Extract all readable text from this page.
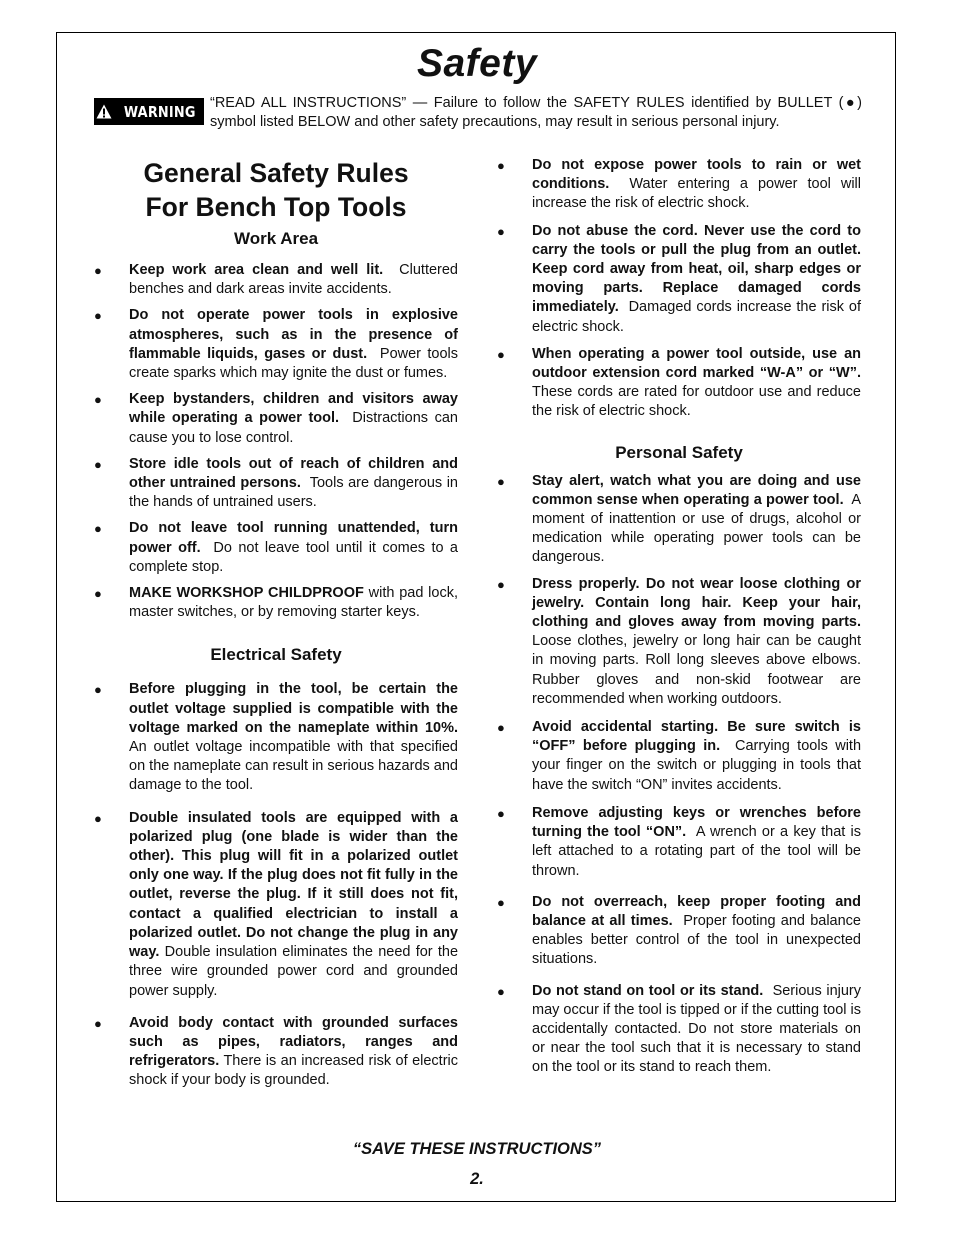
Safety
WARNING “READ ALL INSTRUCTIONS” — Failure to follow the SAFETY RULES identified by BULLET (●) symbol listed BELOW and other safety precautions, may result in serious personal injury.

General Safety Rules
For Bench Top Tools
Work Area
●	Keep work area clean and well lit. Cluttered benches and dark areas invite accidents.
●	Do not operate power tools in explosive atmospheres, such as in the presence of flammable liquids, gases or dust. Power tools create sparks which may ignite the dust or fumes.
●	Keep bystanders, children and visitors away while operating a power tool. Distractions can cause you to lose control.
●	Store idle tools out of reach of children and other untrained persons. Tools are dangerous in the hands of untrained users.
●	Do not leave tool running unattended, turn power off. Do not leave tool until it comes to a complete stop.
●	MAKE WORKSHOP CHILDPROOF with pad lock, master switches, or by removing starter keys.
Electrical Safety
●	Before plugging in the tool, be certain the outlet voltage supplied is compatible with the voltage marked on the nameplate within 10%. An outlet voltage incompatible with that specified on the nameplate can result in serious hazards and damage to the tool.
●	Double insulated tools are equipped with a polarized plug (one blade is wider than the other). This plug will fit in a polarized outlet only one way. If the plug does not fit fully in the outlet, reverse the plug. If it still does not fit, contact a qualified electrician to install a polarized outlet. Do not change the plug in any way. Double insulation eliminates the need for the three wire grounded power cord and grounded power supply.
●	Avoid body contact with grounded surfaces such as pipes, radiators, ranges and refrigerators. There is an increased risk of electric shock if your body is grounded.
●	Do not expose power tools to rain or wet conditions. Water entering a power tool will increase the risk of electric shock.
●	Do not abuse the cord. Never use the cord to carry the tools or pull the plug from an outlet. Keep cord away from heat, oil, sharp edges or moving parts. Replace damaged cords immediately. Damaged cords increase the risk of electric shock.
●	When operating a power tool outside, use an outdoor extension cord marked “W-A” or “W”. These cords are rated for outdoor use and reduce the risk of electric shock.
Personal Safety
●	Stay alert, watch what you are doing and use common sense when operating a power tool. A moment of inattention or use of drugs, alcohol or medication while operating power tools can be dangerous.
●	Dress properly. Do not wear loose clothing or jewelry. Contain long hair. Keep your hair, clothing and gloves away from moving parts. Loose clothes, jewelry or long hair can be caught in moving parts. Roll long sleeves above elbows. Rubber gloves and non-skid footwear are recommended when working outdoors.
●	Avoid accidental starting. Be sure switch is “OFF” before plugging in. Carrying tools with your finger on the switch or plugging in tools that have the switch “ON” invites accidents.
●	Remove adjusting keys or wrenches before turning the tool “ON”. A wrench or a key that is left attached to a rotating part of the tool will be thrown.
●	Do not overreach, keep proper footing and balance at all times. Proper footing and balance enables better control of the tool in unexpected situations.
●	Do not stand on tool or its stand. Serious injury may occur if the tool is tipped or if the cutting tool is accidentally contacted. Do not store materials on or near the tool such that it is necessary to stand on the tool or its stand to reach them.
“SAVE THESE INSTRUCTIONS”
2.
